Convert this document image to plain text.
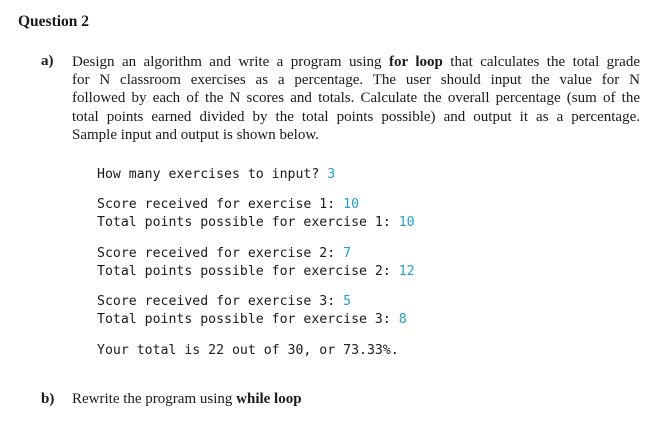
Question 2
a) Design an algorithm and write a program using for loop that calculates the total grade
for N classroom exercises as a percentage. The user should input the value for N
followed by each of the N scores and totals. Calculate the overall percentage (sum of the
total points earned divided by the total points possible) and output it as a percentage.
Sample input and output is shown below.
How many exercises to input? 3
Score received for exercise 1: 10
Total points possible for exercise 1: 10
Score received for exercise 2: 7
Total points possible for exercise 2: 12
Score received for exercise 3: 5
Total points possible for exercise 3: 8
Your total is 22 out of 30, or 73.33%.
b) Rewrite the program using while loop
